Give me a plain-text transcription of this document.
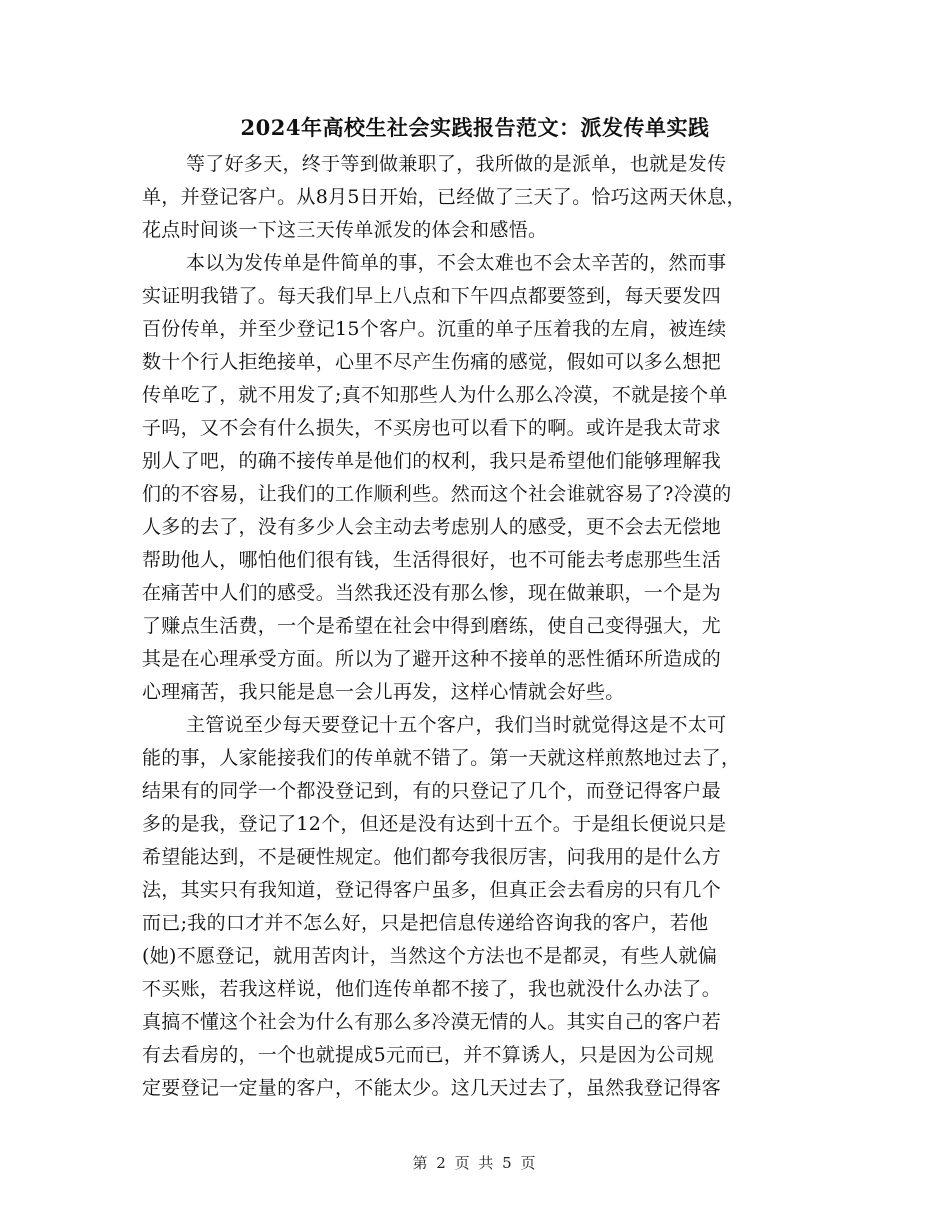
2024年高校生社会实践报告范文：派发传单实践
等了好多天，终于等到做兼职了，我所做的是派单，也就是发传
单，并登记客户。从8月5日开始，已经做了三天了。恰巧这两天休息，
花点时间谈一下这三天传单派发的体会和感悟。
本以为发传单是件简单的事，不会太难也不会太辛苦的，然而事
实证明我错了。每天我们早上八点和下午四点都要签到，每天要发四
百份传单，并至少登记15个客户。沉重的单子压着我的左肩，被连续
数十个行人拒绝接单，心里不尽产生伤痛的感觉，假如可以多么想把
传单吃了，就不用发了;真不知那些人为什么那么冷漠，不就是接个单
子吗，又不会有什么损失，不买房也可以看下的啊。或许是我太苛求
别人了吧，的确不接传单是他们的权利，我只是希望他们能够理解我
们的不容易，让我们的工作顺利些。然而这个社会谁就容易了?冷漠的
人多的去了，没有多少人会主动去考虑别人的感受，更不会去无偿地
帮助他人，哪怕他们很有钱，生活得很好，也不可能去考虑那些生活
在痛苦中人们的感受。当然我还没有那么惨，现在做兼职，一个是为
了赚点生活费，一个是希望在社会中得到磨练，使自己变得强大，尤
其是在心理承受方面。所以为了避开这种不接单的恶性循环所造成的
心理痛苦，我只能是息一会儿再发，这样心情就会好些。
主管说至少每天要登记十五个客户，我们当时就觉得这是不太可
能的事，人家能接我们的传单就不错了。第一天就这样煎熬地过去了，
结果有的同学一个都没登记到，有的只登记了几个，而登记得客户最
多的是我，登记了12个，但还是没有达到十五个。于是组长便说只是
希望能达到，不是硬性规定。他们都夸我很厉害，问我用的是什么方
法，其实只有我知道，登记得客户虽多，但真正会去看房的只有几个
而已;我的口才并不怎么好，只是把信息传递给咨询我的客户，若他
(她)不愿登记，就用苦肉计，当然这个方法也不是都灵，有些人就偏
不买账，若我这样说，他们连传单都不接了，我也就没什么办法了。
真搞不懂这个社会为什么有那么多冷漠无情的人。其实自己的客户若
有去看房的，一个也就提成5元而已，并不算诱人，只是因为公司规
定要登记一定量的客户，不能太少。这几天过去了，虽然我登记得客
第 2 页 共 5 页
